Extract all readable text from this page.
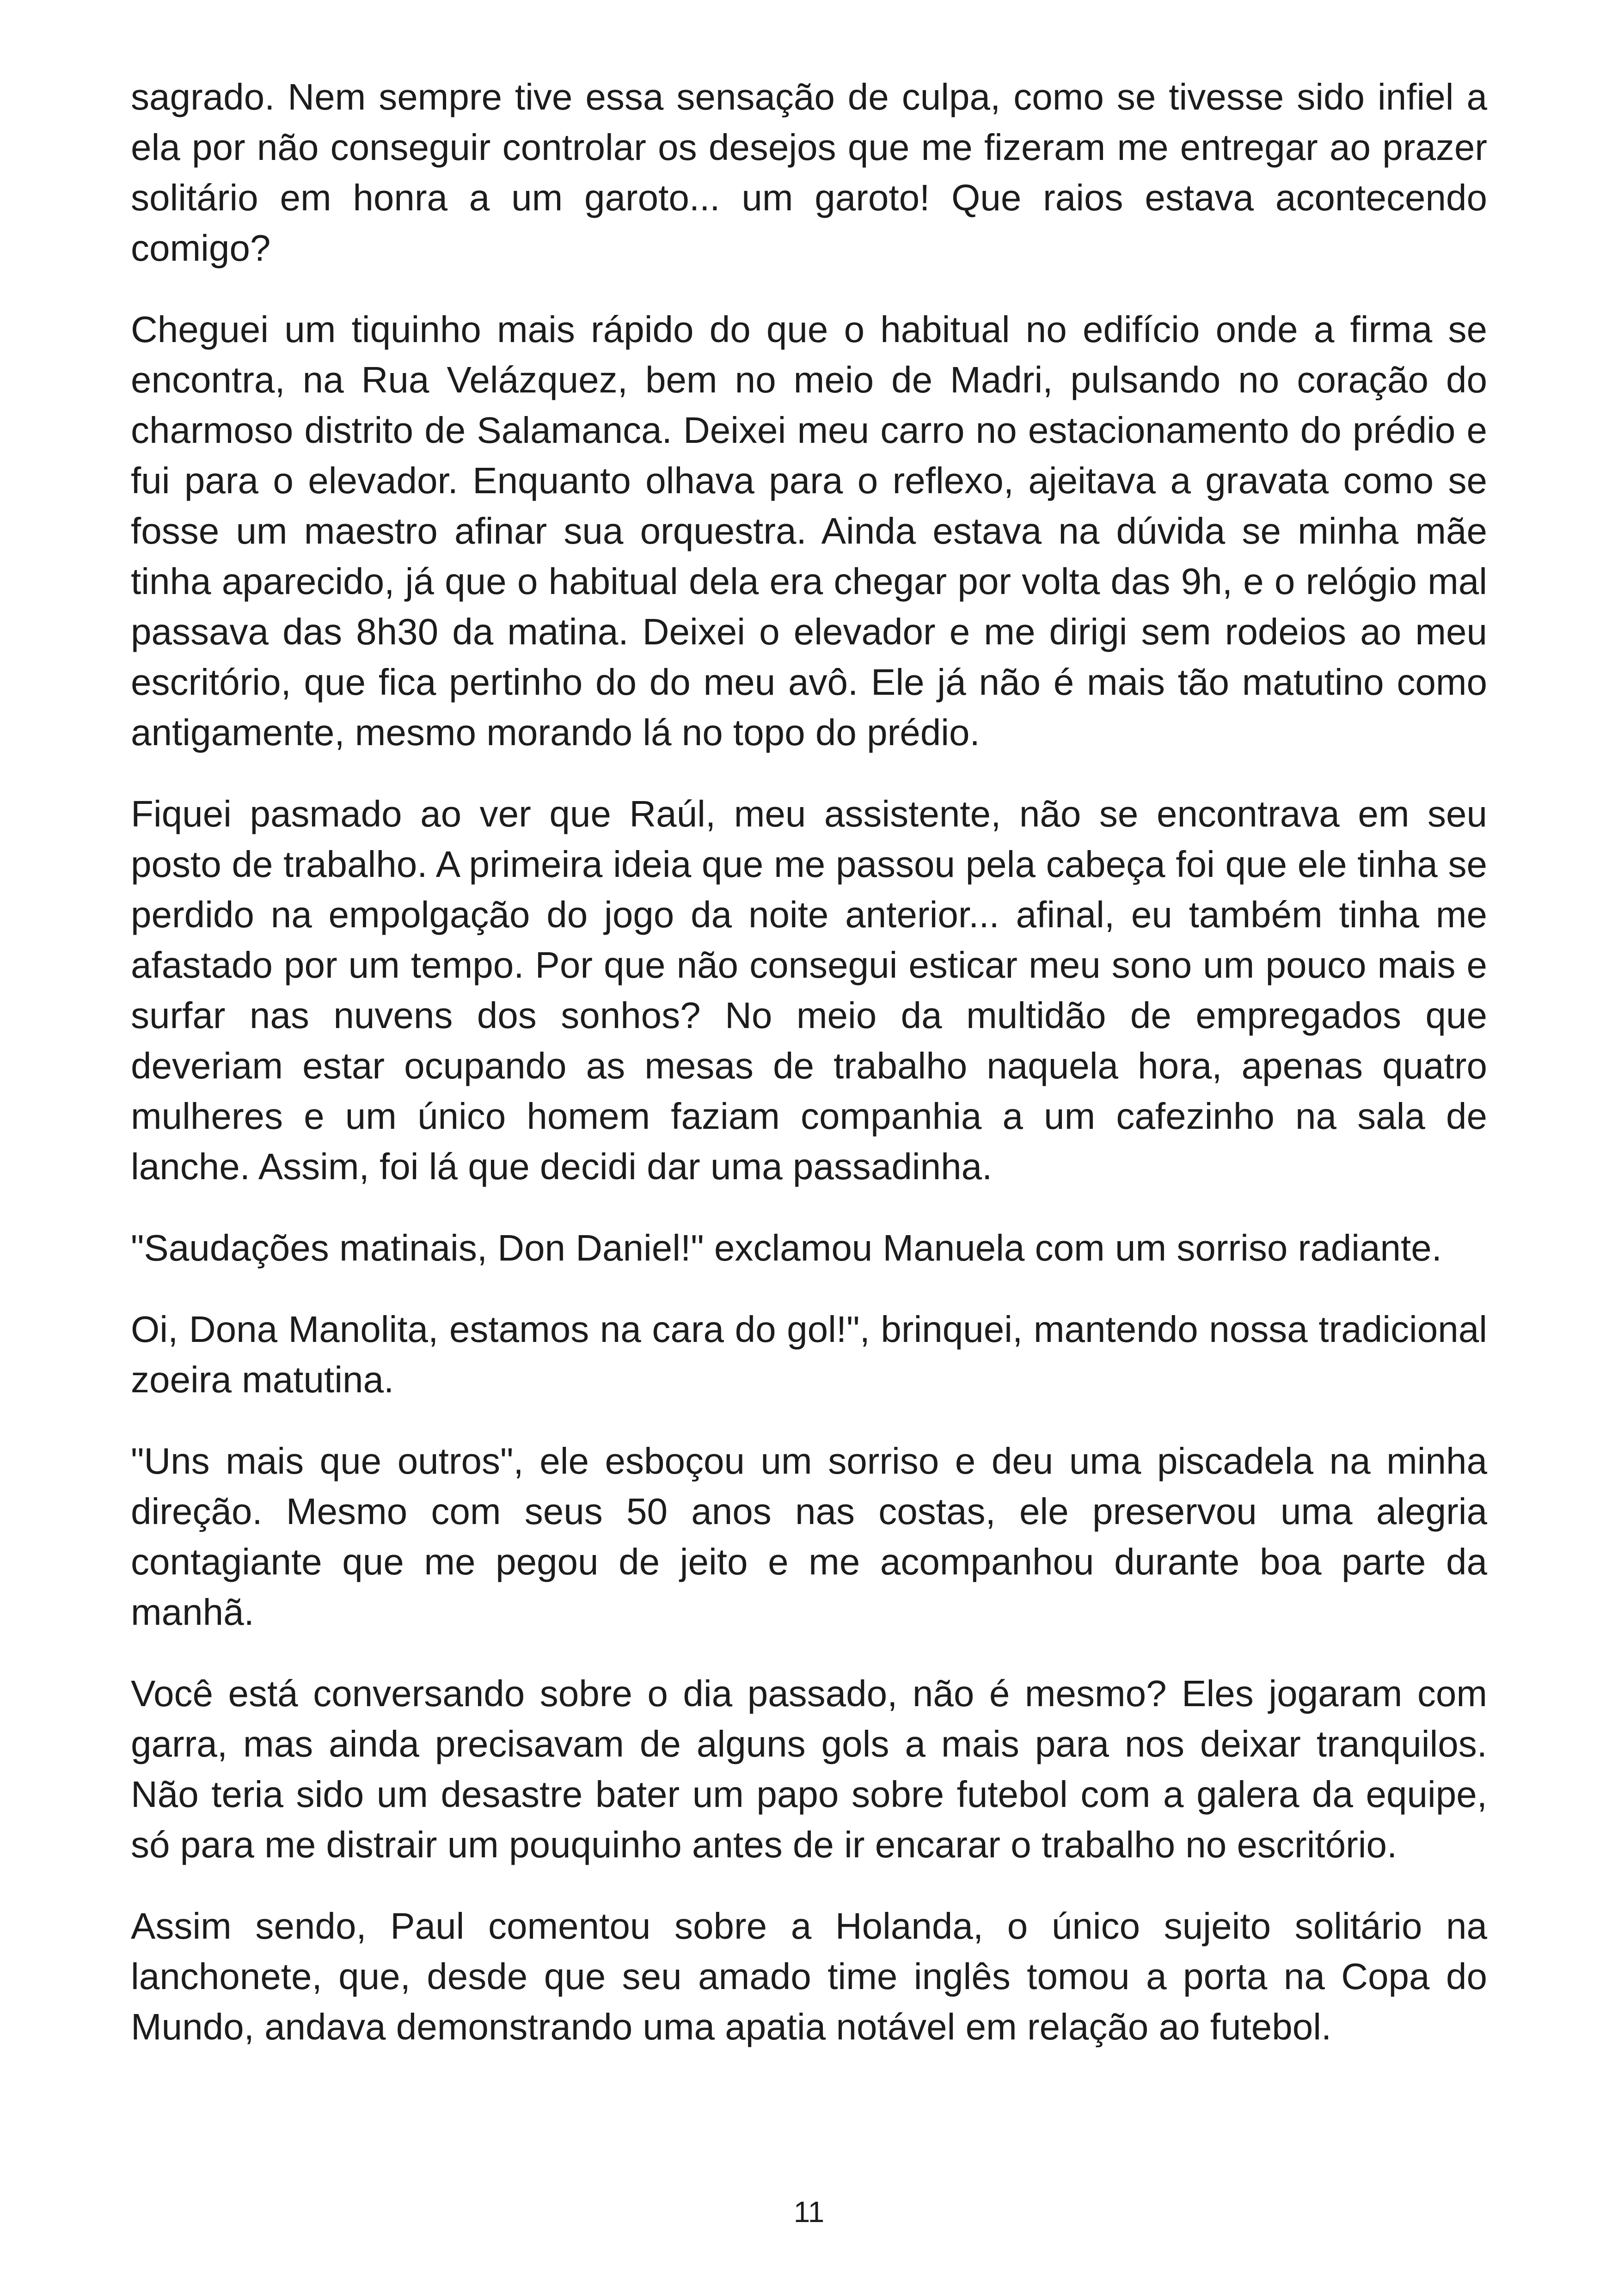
sagrado. Nem sempre tive essa sensação de culpa, como se tivesse sido infiel a ela por não conseguir controlar os desejos que me fizeram me entregar ao prazer solitário em honra a um garoto... um garoto! Que raios estava acontecendo comigo?

Cheguei um tiquinho mais rápido do que o habitual no edifício onde a firma se encontra, na Rua Velázquez, bem no meio de Madri, pulsando no coração do charmoso distrito de Salamanca. Deixei meu carro no estacionamento do prédio e fui para o elevador. Enquanto olhava para o reflexo, ajeitava a gravata como se fosse um maestro afinar sua orquestra. Ainda estava na dúvida se minha mãe tinha aparecido, já que o habitual dela era chegar por volta das 9h, e o relógio mal passava das 8h30 da matina. Deixei o elevador e me dirigi sem rodeios ao meu escritório, que fica pertinho do do meu avô. Ele já não é mais tão matutino como antigamente, mesmo morando lá no topo do prédio.

Fiquei pasmado ao ver que Raúl, meu assistente, não se encontrava em seu posto de trabalho. A primeira ideia que me passou pela cabeça foi que ele tinha se perdido na empolgação do jogo da noite anterior... afinal, eu também tinha me afastado por um tempo. Por que não consegui esticar meu sono um pouco mais e surfar nas nuvens dos sonhos? No meio da multidão de empregados que deveriam estar ocupando as mesas de trabalho naquela hora, apenas quatro mulheres e um único homem faziam companhia a um cafezinho na sala de lanche. Assim, foi lá que decidi dar uma passadinha.

"Saudações matinais, Don Daniel!" exclamou Manuela com um sorriso radiante.

Oi, Dona Manolita, estamos na cara do gol!", brinquei, mantendo nossa tradicional zoeira matutina.

"Uns mais que outros", ele esboçou um sorriso e deu uma piscadela na minha direção. Mesmo com seus 50 anos nas costas, ele preservou uma alegria contagiante que me pegou de jeito e me acompanhou durante boa parte da manhã.

Você está conversando sobre o dia passado, não é mesmo? Eles jogaram com garra, mas ainda precisavam de alguns gols a mais para nos deixar tranquilos. Não teria sido um desastre bater um papo sobre futebol com a galera da equipe, só para me distrair um pouquinho antes de ir encarar o trabalho no escritório.

Assim sendo, Paul comentou sobre a Holanda, o único sujeito solitário na lanchonete, que, desde que seu amado time inglês tomou a porta na Copa do Mundo, andava demonstrando uma apatia notável em relação ao futebol.

11
